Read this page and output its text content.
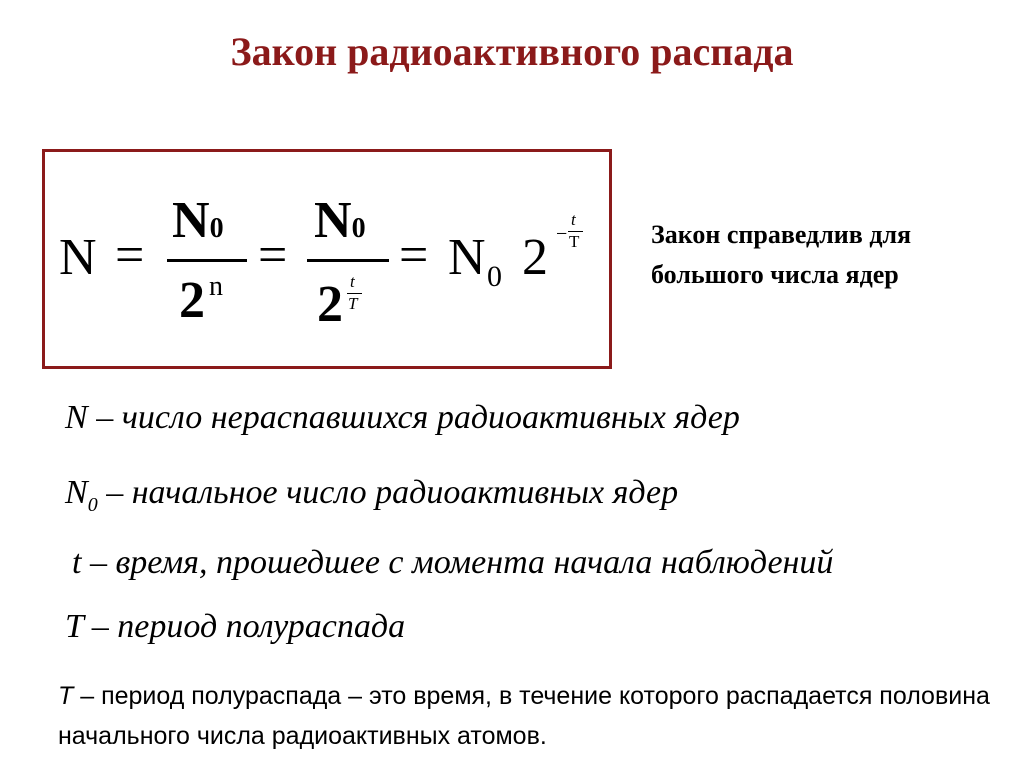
Закон радиоактивного распада
N =
N0
2 n
=
N0
2 t
T
= N 0 2 −
t
T	Закон справедлив для большого числа ядер
N – число нераспавшихся радиоактивных ядер
$N_0$ – начальное число радиоактивных ядер
t – время, прошедшее с момента начала наблюдений
T – период полураспада
T – период полураспада – это время, в течение которого распадается половина начального числа радиоактивных атомов.
